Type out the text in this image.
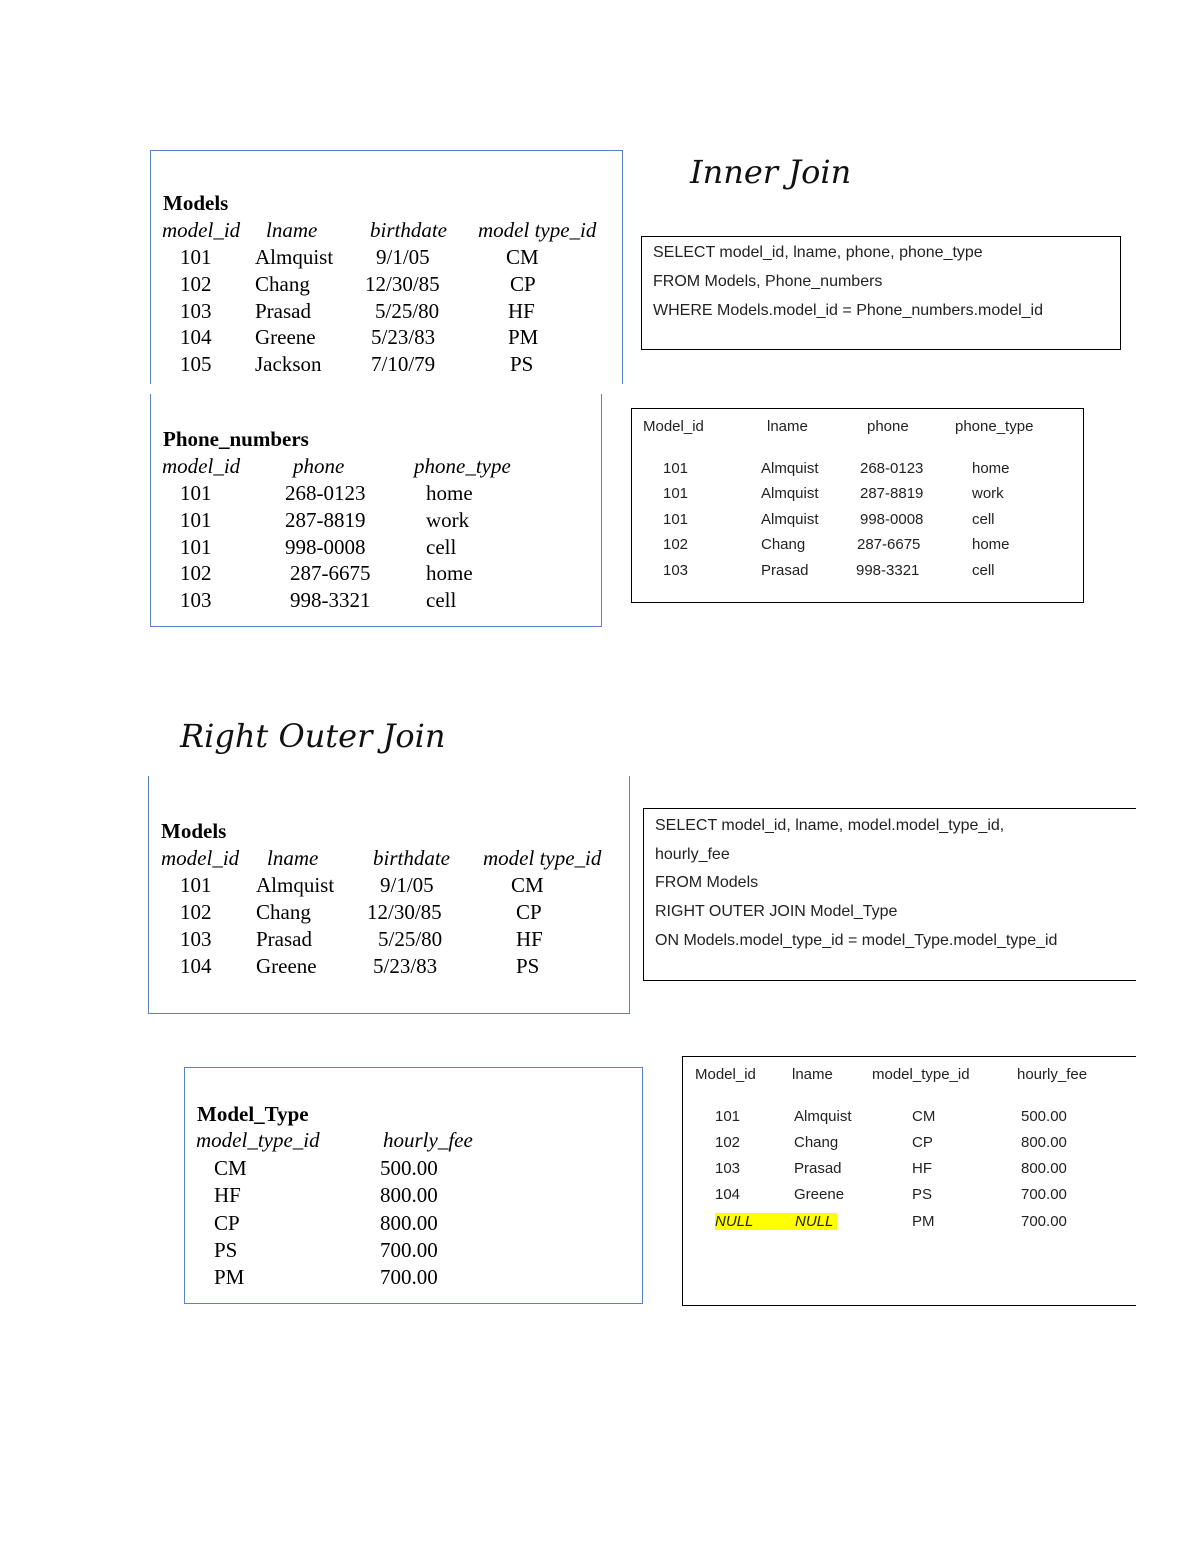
Models
model_id lname	birthdate model type_id
101 Almquist 9/1/05	CM
102 Chang	12/30/85	CP
103 Prasad	5/25/80	HF
104 Greene	5/23/83	PM
105 Jackson 7/10/79	PS
Phone_numbers
model_id	phone	phone_type
101	268-0123	home
101	287-8819	work
101	998-0008	cell
102	287-6675	home
103	998-3321	cell
Inner Join
SELECT model_id, lname, phone, phone_type
FROM Models, Phone_numbers
WHERE Models.model_id = Phone_numbers.model_id
Model_id	lname	phone	phone_type
101	Almquist	268-0123	home
101	Almquist	287-8819	work
101	Almquist	998-0008	cell
102	Chang	287-6675	home
103	Prasad	998-3321	cell
Right Outer Join
Models
model_id lname	birthdate model type_id
101 Almquist 9/1/05	CM
102 Chang	12/30/85	CP
103 Prasad	5/25/80	HF
104 Greene	5/23/83	PS
Model_Type
model_type_id	hourly_fee
CM	500.00
HF	800.00
CP	800.00
PS	700.00
PM	700.00
SELECT model_id, lname, model.model_type_id,
hourly_fee
FROM Models
RIGHT OUTER JOIN Model_Type
ON Models.model_type_id = model_Type.model_type_id
Model_id lname	model_type_id	hourly_fee
101	Almquist	CM	500.00
102	Chang	CP	800.00
103	Prasad	HF	800.00
104	Greene	PS	700.00
NULL	NULL	PM	700.00
